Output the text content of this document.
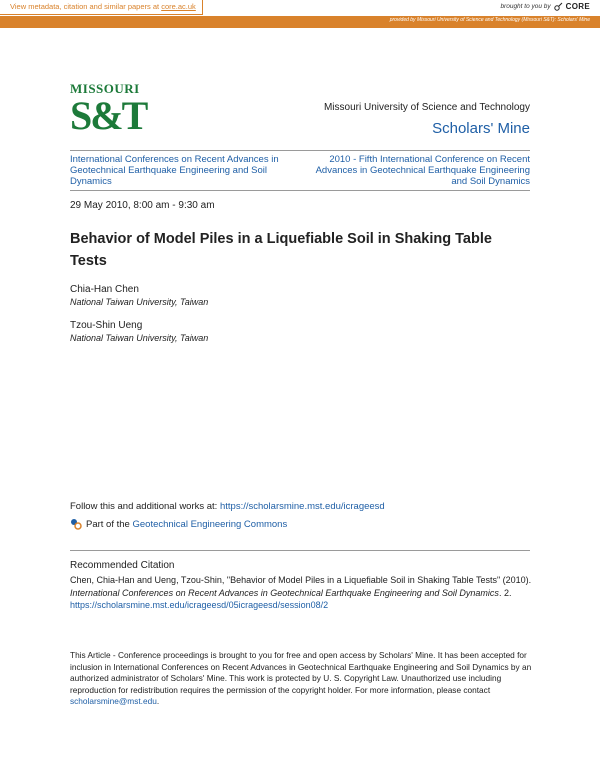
View metadata, citation and similar papers at core.ac.uk	brought to you by CORE
provided by Missouri University of Science and Technology (Missouri S&T): Scholars' Mine
MISSOURI
S&T	Missouri University of Science and Technology
Scholars' Mine
International Conferences on Recent Advances in Geotechnical Earthquake Engineering and Soil Dynamics
2010 - Fifth International Conference on Recent Advances in Geotechnical Earthquake Engineering and Soil Dynamics
29 May 2010, 8:00 am - 9:30 am
Behavior of Model Piles in a Liquefiable Soil in Shaking Table Tests
Chia-Han Chen
National Taiwan University, Taiwan
Tzou-Shin Ueng
National Taiwan University, Taiwan
Follow this and additional works at: https://scholarsmine.mst.edu/icrageesd
Part of the Geotechnical Engineering Commons
Recommended Citation
Chen, Chia-Han and Ueng, Tzou-Shin, "Behavior of Model Piles in a Liquefiable Soil in Shaking Table Tests" (2010). International Conferences on Recent Advances in Geotechnical Earthquake Engineering and Soil Dynamics. 2.
https://scholarsmine.mst.edu/icrageesd/05icrageesd/session08/2
This Article - Conference proceedings is brought to you for free and open access by Scholars' Mine. It has been accepted for inclusion in International Conferences on Recent Advances in Geotechnical Earthquake Engineering and Soil Dynamics by an authorized administrator of Scholars' Mine. This work is protected by U. S. Copyright Law. Unauthorized use including reproduction for redistribution requires the permission of the copyright holder. For more information, please contact scholarsmine@mst.edu.
